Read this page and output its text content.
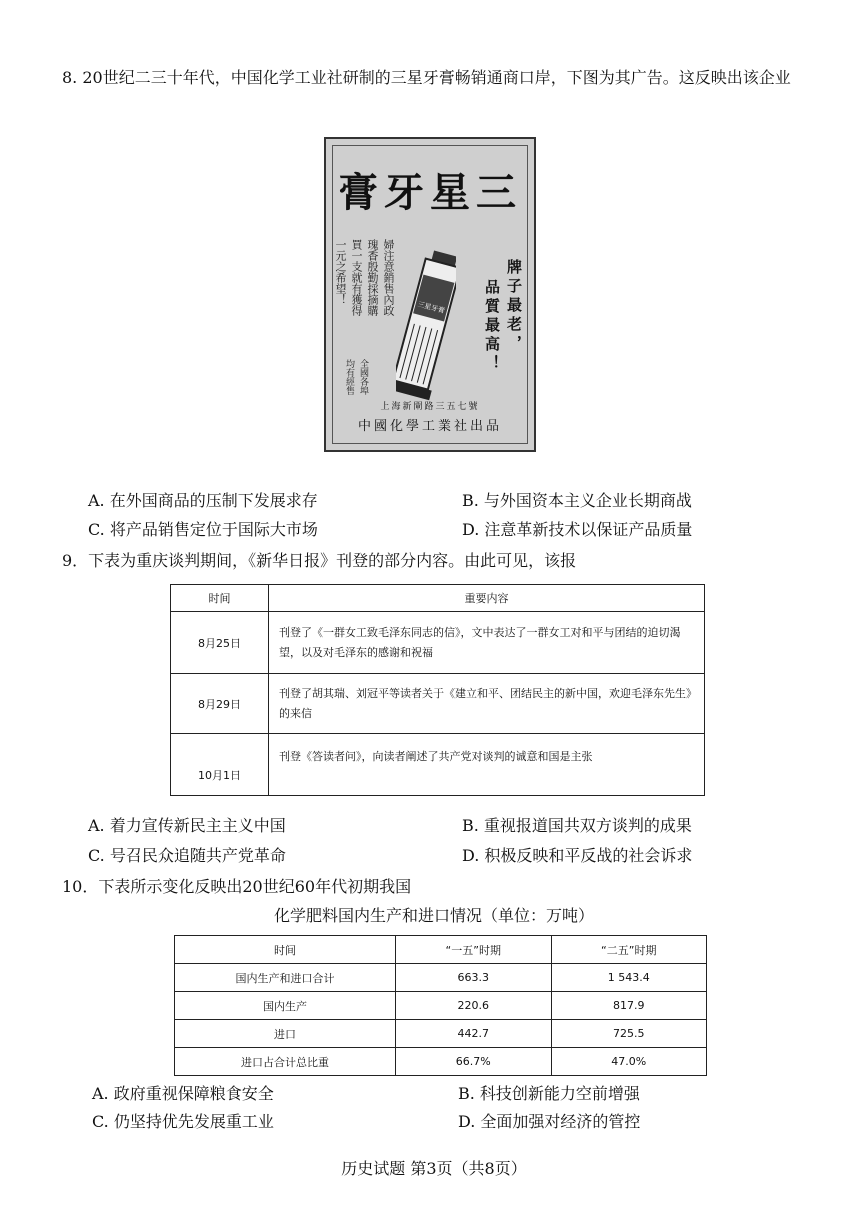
8. 20世纪二三十年代，中国化学工业社研制的三星牙膏畅销通商口岸，下图为其广告。这反映出该企业
膏牙星三
婦注意銷售內政
瑰香殷勤採摘購
買一支就有獲得
一元之希望！
全國各埠
均有經售
牌子最老，
品質最高！
三星牙膏
上海新閘路三五七號
中國化學工業社出品
A. 在外国商品的压制下发展求存	B. 与外国资本主义企业长期商战
C. 将产品销售定位于国际大市场	D. 注意革新技术以保证产品质量
9．下表为重庆谈判期间，《新华日报》刊登的部分内容。由此可见，该报
时间	重要内容
8月25日	刊登了《一群女工致毛泽东同志的信》，文中表达了一群女工对和平与团结的迫切渴望，以及对毛泽东的感谢和祝福
8月29日	刊登了胡其瑞、刘冠平等读者关于《建立和平、团结民主的新中国，欢迎毛泽东先生》的来信
10月1日	刊登《答读者问》，向读者阐述了共产党对谈判的诚意和国是主张
A. 着力宣传新民主主义中国	B. 重视报道国共双方谈判的成果
C. 号召民众追随共产党革命	D. 积极反映和平反战的社会诉求
10．下表所示变化反映出20世纪60年代初期我国
化学肥料国内生产和进口情况（单位：万吨）
时间	“一五”时期	“二五”时期
国内生产和进口合计	663.3	1 543.4
国内生产	220.6	817.9
进口	442.7	725.5
进口占合计总比重	66.7%	47.0%
A. 政府重视保障粮食安全	B. 科技创新能力空前增强
C. 仍坚持优先发展重工业	D. 全面加强对经济的管控
历史试题 第3页（共8页）
